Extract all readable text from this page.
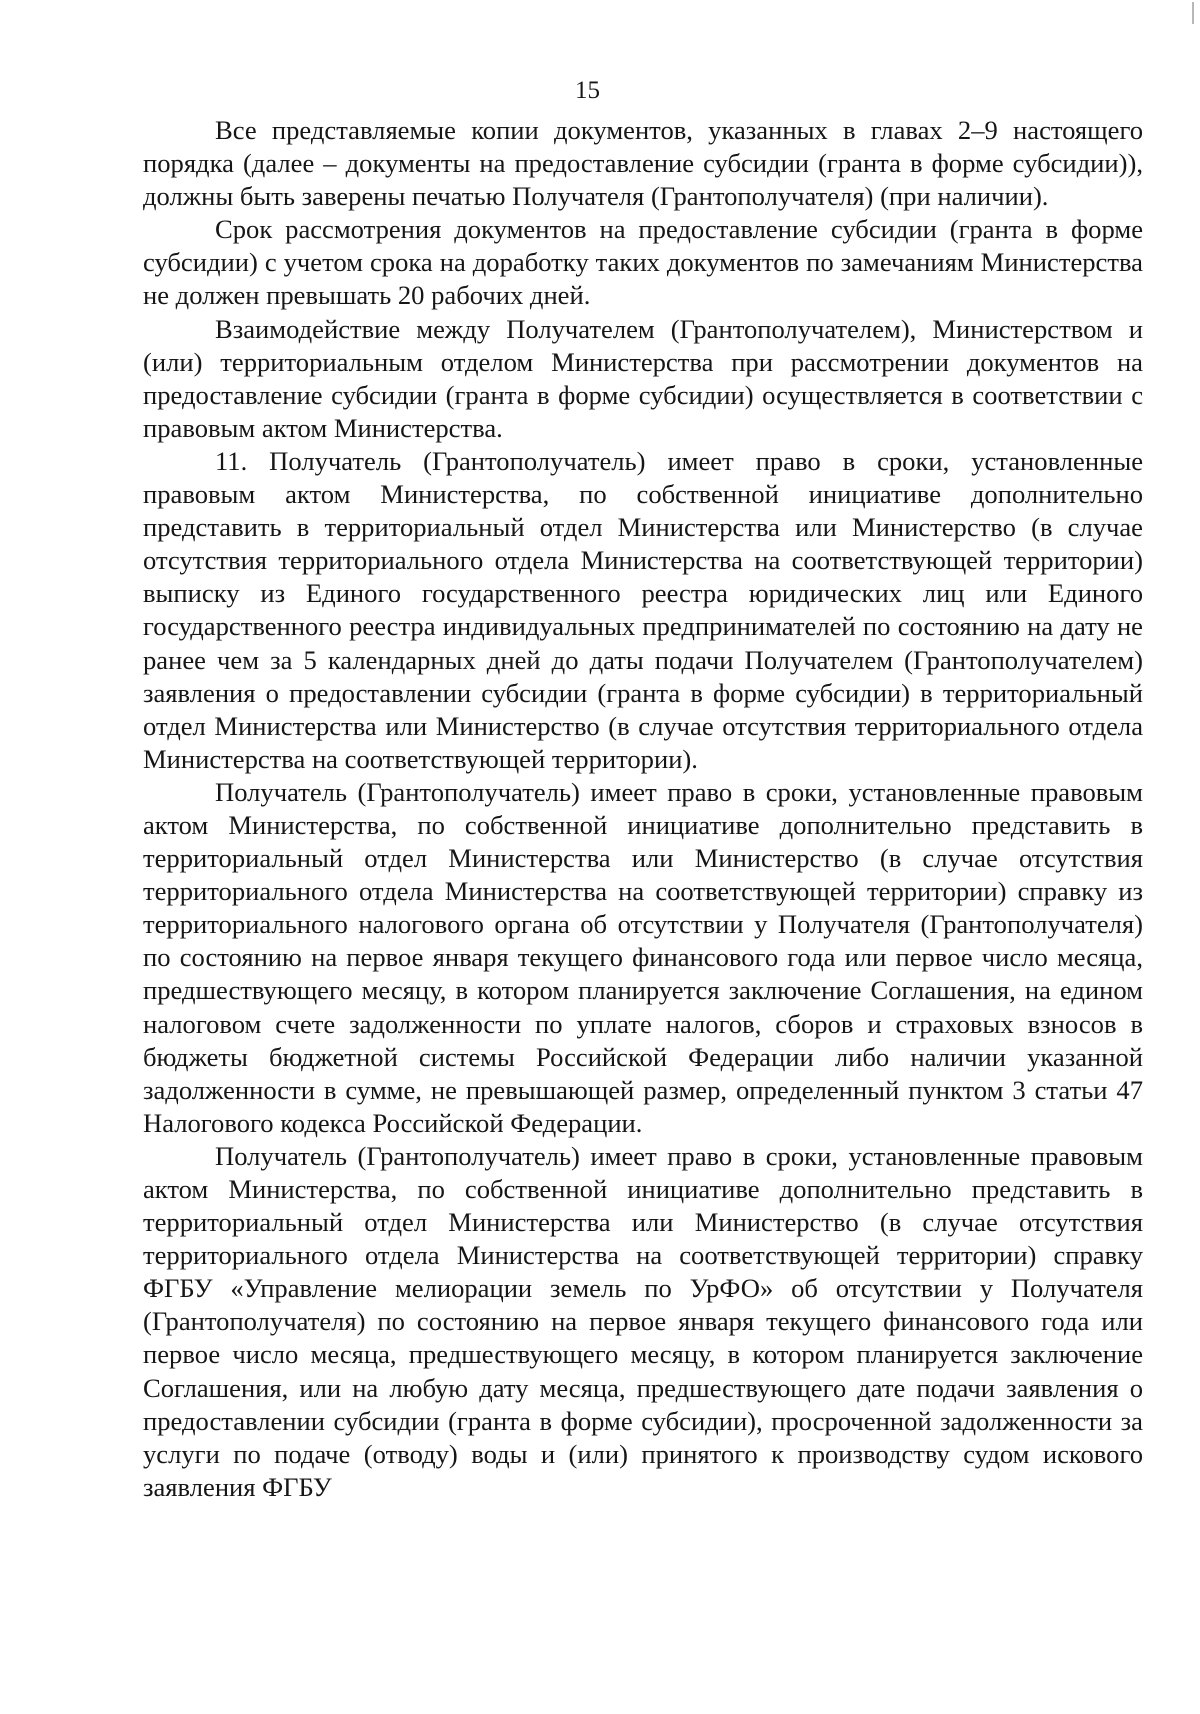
15

Все представляемые копии документов, указанных в главах 2–9 настоящего порядка (далее – документы на предоставление субсидии (гранта в форме субсидии)), должны быть заверены печатью Получателя (Грантополучателя) (при наличии).

Срок рассмотрения документов на предоставление субсидии (гранта в форме субсидии) с учетом срока на доработку таких документов по замечаниям Министерства не должен превышать 20 рабочих дней.

Взаимодействие между Получателем (Грантополучателем), Министерством и (или) территориальным отделом Министерства при рассмотрении документов на предоставление субсидии (гранта в форме субсидии) осуществляется в соответствии с правовым актом Министерства.

11. Получатель (Грантополучатель) имеет право в сроки, установленные правовым актом Министерства, по собственной инициативе дополнительно представить в территориальный отдел Министерства или Министерство (в случае отсутствия территориального отдела Министерства на соответствующей территории) выписку из Единого государственного реестра юридических лиц или Единого государственного реестра индивидуальных предпринимателей по состоянию на дату не ранее чем за 5 календарных дней до даты подачи Получателем (Грантополучателем) заявления о предоставлении субсидии (гранта в форме субсидии) в территориальный отдел Министерства или Министерство (в случае отсутствия территориального отдела Министерства на соответствующей территории).

Получатель (Грантополучатель) имеет право в сроки, установленные правовым актом Министерства, по собственной инициативе дополнительно представить в территориальный отдел Министерства или Министерство (в случае отсутствия территориального отдела Министерства на соответствующей территории) справку из территориального налогового органа об отсутствии у Получателя (Грантополучателя) по состоянию на первое января текущего финансового года или первое число месяца, предшествующего месяцу, в котором планируется заключение Соглашения, на едином налоговом счете задолженности по уплате налогов, сборов и страховых взносов в бюджеты бюджетной системы Российской Федерации либо наличии указанной задолженности в сумме, не превышающей размер, определенный пунктом 3 статьи 47 Налогового кодекса Российской Федерации.

Получатель (Грантополучатель) имеет право в сроки, установленные правовым актом Министерства, по собственной инициативе дополнительно представить в территориальный отдел Министерства или Министерство (в случае отсутствия территориального отдела Министерства на соответствующей территории) справку ФГБУ «Управление мелиорации земель по УрФО» об отсутствии у Получателя (Грантополучателя) по состоянию на первое января текущего финансового года или первое число месяца, предшествующего месяцу, в котором планируется заключение Соглашения, или на любую дату месяца, предшествующего дате подачи заявления о предоставлении субсидии (гранта в форме субсидии), просроченной задолженности за услуги по подаче (отводу) воды и (или) принятого к производству судом искового заявления ФГБУ
